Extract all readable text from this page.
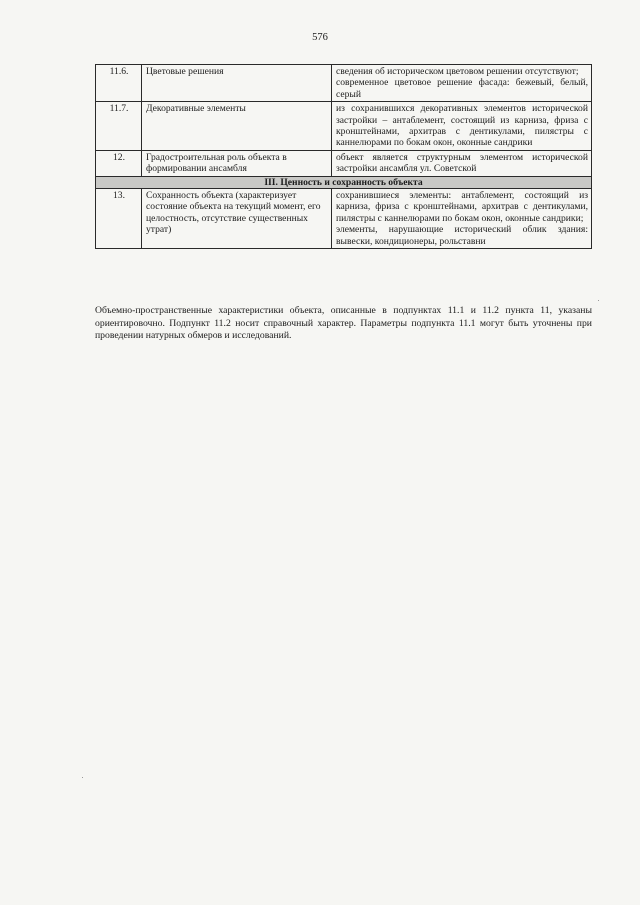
576
11.6.	Цветовые решения	сведения об историческом цветовом решении отсутствуют;
современное цветовое решение фасада: бежевый, белый, серый

11.7.	Декоративные элементы	из сохранившихся декоративных элементов исторической застройки – антаблемент, состоящий из карниза, фриза с кронштейнами, архитрав с дентикулами, пилястры с каннелюрами по бокам окон, оконные сандрики

12.	Градостроительная роль объекта в формировании ансамбля	объект является структурным элементом исторической застройки ансамбля ул. Советской

III. Ценность и сохранность объекта		
13.	Сохранность объекта (характеризует состояние объекта на текущий момент, его целостность, отсутствие существенных утрат)	сохранившиеся элементы: антаблемент, состоящий из карниза, фриза с кронштейнами, архитрав с дентикулами, пилястры с каннелюрами по бокам окон, оконные сандрики;
элементы, нарушающие исторический облик здания: вывески, кондиционеры, рольставни
Объемно-пространственные характеристики объекта, описанные в подпунктах 11.1 и 11.2 пункта 11, указаны ориентировочно. Подпункт 11.2 носит справочный характер. Параметры подпункта 11.1 могут быть уточнены при проведении натурных обмеров и исследований.
